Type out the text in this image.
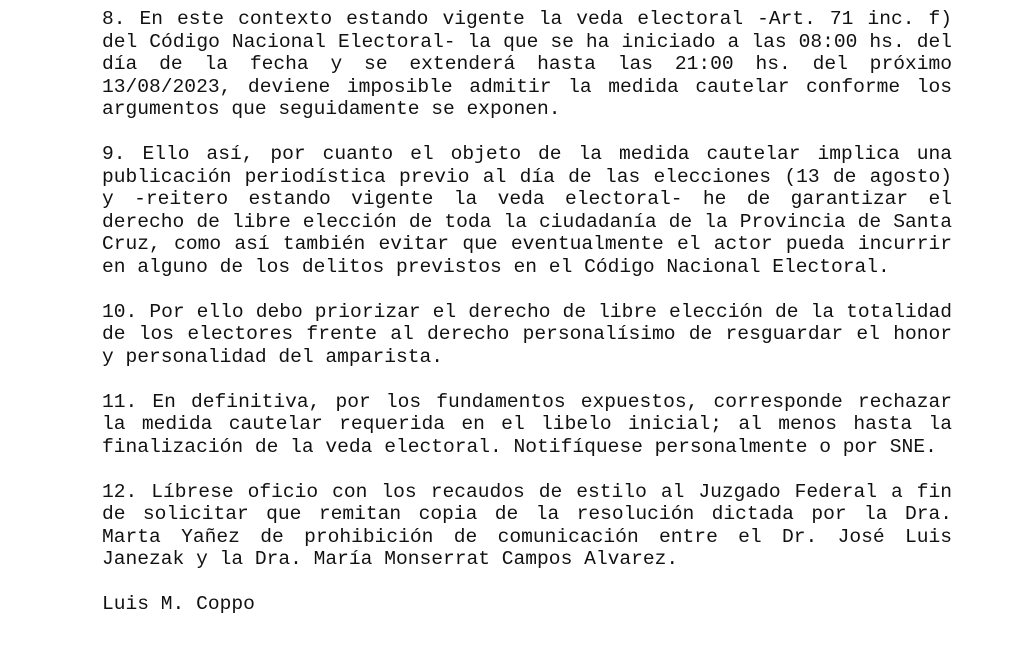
8. En este contexto estando vigente la veda electoral -Art. 71 inc. f) del Código Nacional Electoral- la que se ha iniciado a las 08:00 hs. del día de la fecha y se extenderá hasta las 21:00 hs. del próximo 13/08/2023, deviene imposible admitir la medida cautelar conforme los argumentos que seguidamente se exponen.

9. Ello así, por cuanto el objeto de la medida cautelar implica una publicación periodística previo al día de las elecciones (13 de agosto) y -reitero estando vigente la veda electoral- he de garantizar el derecho de libre elección de toda la ciudadanía de la Provincia de Santa Cruz, como así también evitar que eventualmente el actor pueda incurrir en alguno de los delitos previstos en el Código Nacional Electoral.

10. Por ello debo priorizar el derecho de libre elección de la totalidad de los electores frente al derecho personalísimo de resguardar el honor y personalidad del amparista.

11. En definitiva, por los fundamentos expuestos, corresponde rechazar la medida cautelar requerida en el libelo inicial; al menos hasta la finalización de la veda electoral. Notifíquese personalmente o por SNE.

12. Líbrese oficio con los recaudos de estilo al Juzgado Federal a fin de solicitar que remitan copia de la resolución dictada por la Dra. Marta Yañez de prohibición de comunicación entre el Dr. José Luis Janezak y la Dra. María Monserrat Campos Alvarez.

Luis M. Coppo
